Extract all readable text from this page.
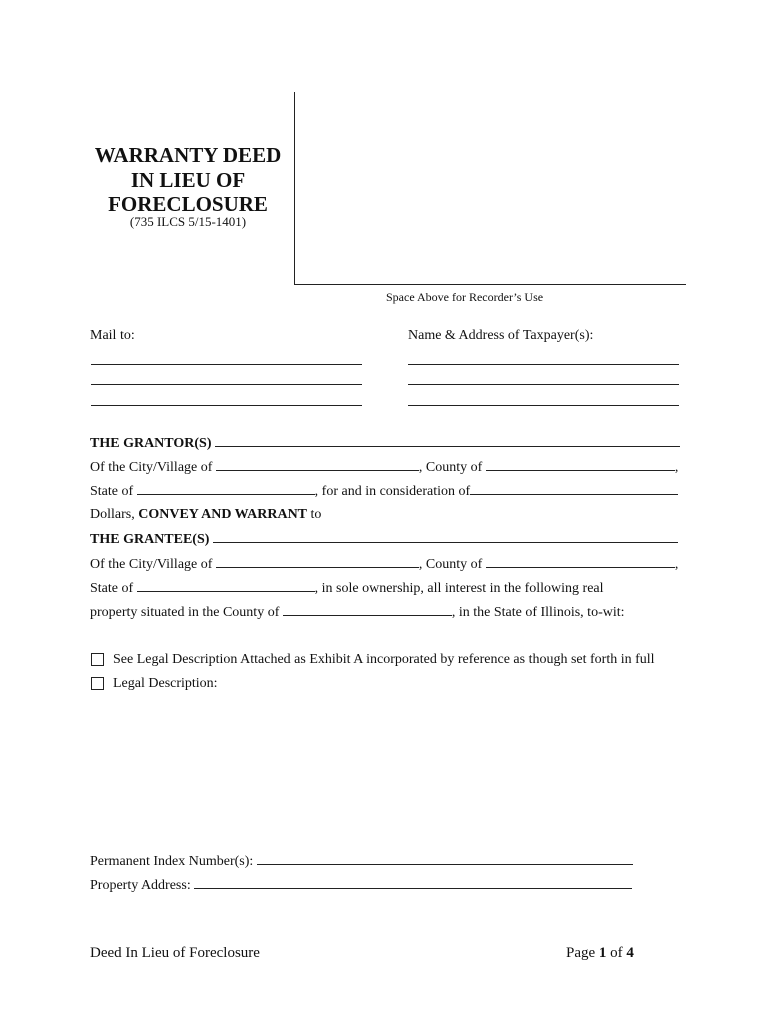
WARRANTY DEED
IN LIEU OF
FORECLOSURE
(735 ILCS 5/15-1401)
Space Above for Recorder’s Use
Mail to:	Name & Address of Taxpayer(s):
THE GRANTOR(S)
Of the City/Village of	, County of	,
State of	, for and in consideration of
Dollars, CONVEY AND WARRANT to
THE GRANTEE(S)
Of the City/Village of	, County of	,
State of	, in sole ownership, all interest in the following real
property situated in the County of	, in the State of Illinois, to-wit:
See Legal Description Attached as Exhibit A incorporated by reference as though set forth in full
Legal Description:
Permanent Index Number(s):
Property Address:
Deed In Lieu of Foreclosure	Page 1 of 4
